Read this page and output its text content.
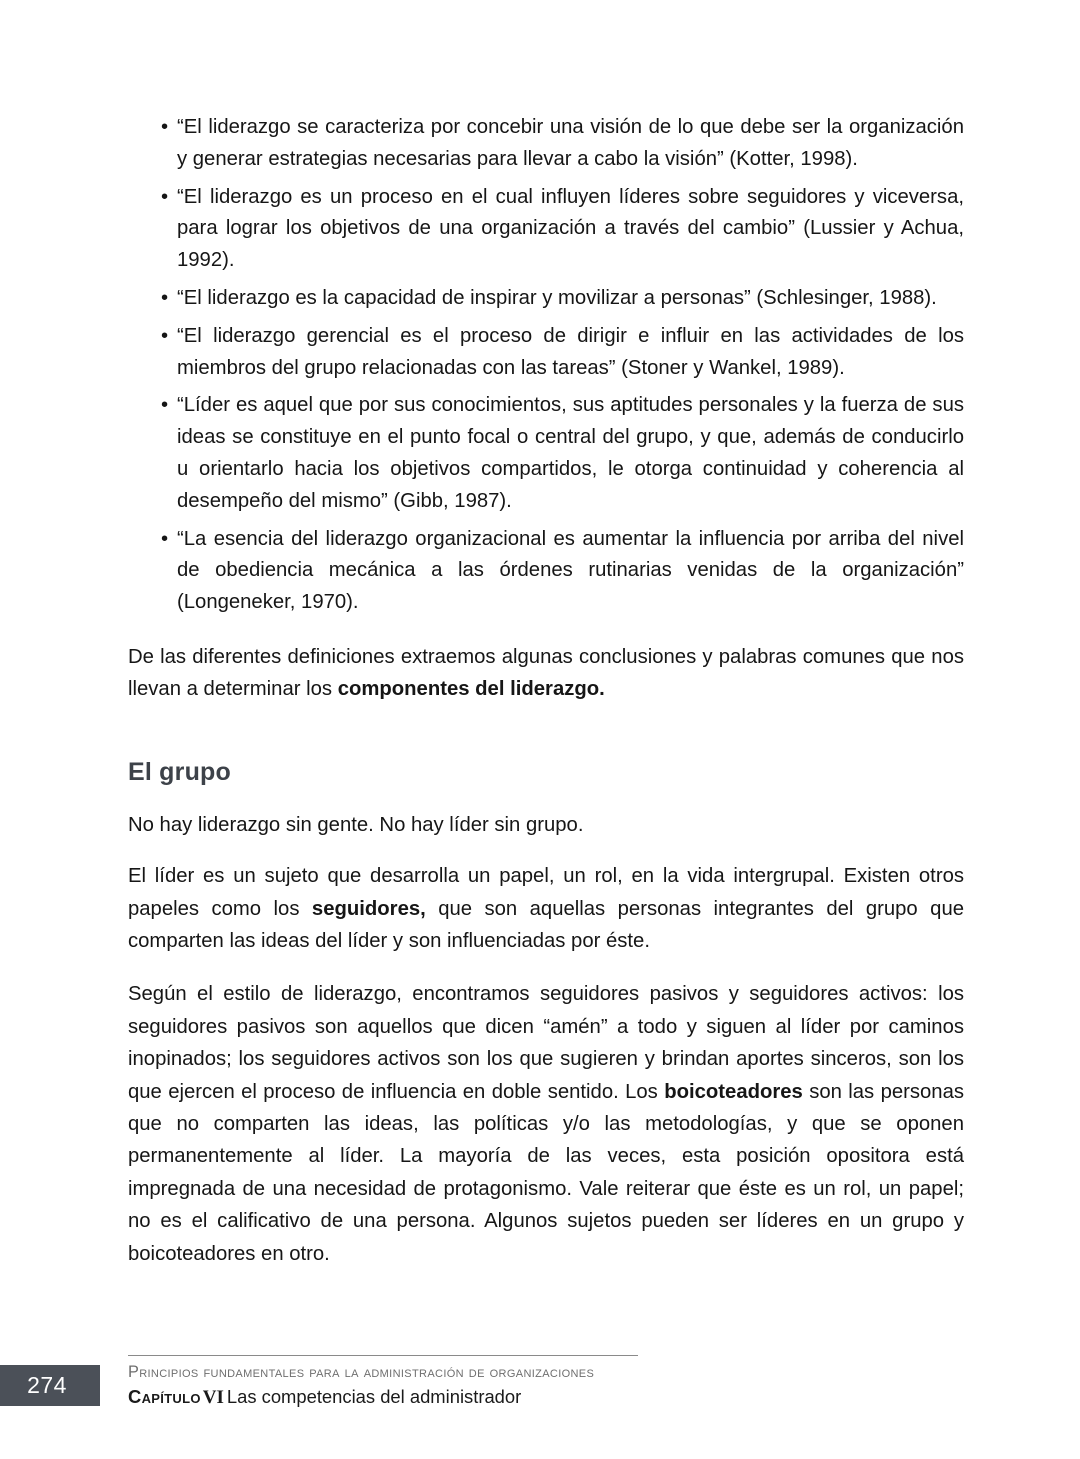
• “El liderazgo se caracteriza por concebir una visión de lo que debe ser la organización y generar estrategias necesarias para llevar a cabo la visión” (Kotter, 1998).
• “El liderazgo es un proceso en el cual influyen líderes sobre seguidores y viceversa, para lograr los objetivos de una organización a través del cambio” (Lussier y Achua, 1992).
• “El liderazgo es la capacidad de inspirar y movilizar a personas” (Schlesinger, 1988).
• “El liderazgo gerencial es el proceso de dirigir e influir en las actividades de los miembros del grupo relacionadas con las tareas” (Stoner y Wankel, 1989).
• “Líder es aquel que por sus conocimientos, sus aptitudes personales y la fuerza de sus ideas se constituye en el punto focal o central del grupo, y que, además de conducirlo u orientarlo hacia los objetivos compartidos, le otorga continuidad y coherencia al desempeño del mismo” (Gibb, 1987).
• “La esencia del liderazgo organizacional es aumentar la influencia por arriba del nivel de obediencia mecánica a las órdenes rutinarias venidas de la organización” (Longeneker, 1970).

De las diferentes definiciones extraemos algunas conclusiones y palabras comunes que nos llevan a determinar los componentes del liderazgo.

El grupo

No hay liderazgo sin gente. No hay líder sin grupo.

El líder es un sujeto que desarrolla un papel, un rol, en la vida intergrupal. Existen otros papeles como los seguidores, que son aquellas personas integrantes del grupo que comparten las ideas del líder y son influenciadas por éste.

Según el estilo de liderazgo, encontramos seguidores pasivos y seguidores activos: los seguidores pasivos son aquellos que dicen “amén” a todo y siguen al líder por caminos inopinados; los seguidores activos son los que sugieren y brindan aportes sinceros, son los que ejercen el proceso de influencia en doble sentido. Los boicoteadores son las personas que no comparten las ideas, las políticas y/o las metodologías, y que se oponen permanentemente al líder. La mayoría de las veces, esta posición opositora está impregnada de una necesidad de protagonismo. Vale reiterar que éste es un rol, un papel; no es el calificativo de una persona. Algunos sujetos pueden ser líderes en un grupo y boicoteadores en otro.

274	Principios fundamentales para la administración de organizaciones
Capítulo VI Las competencias del administrador
